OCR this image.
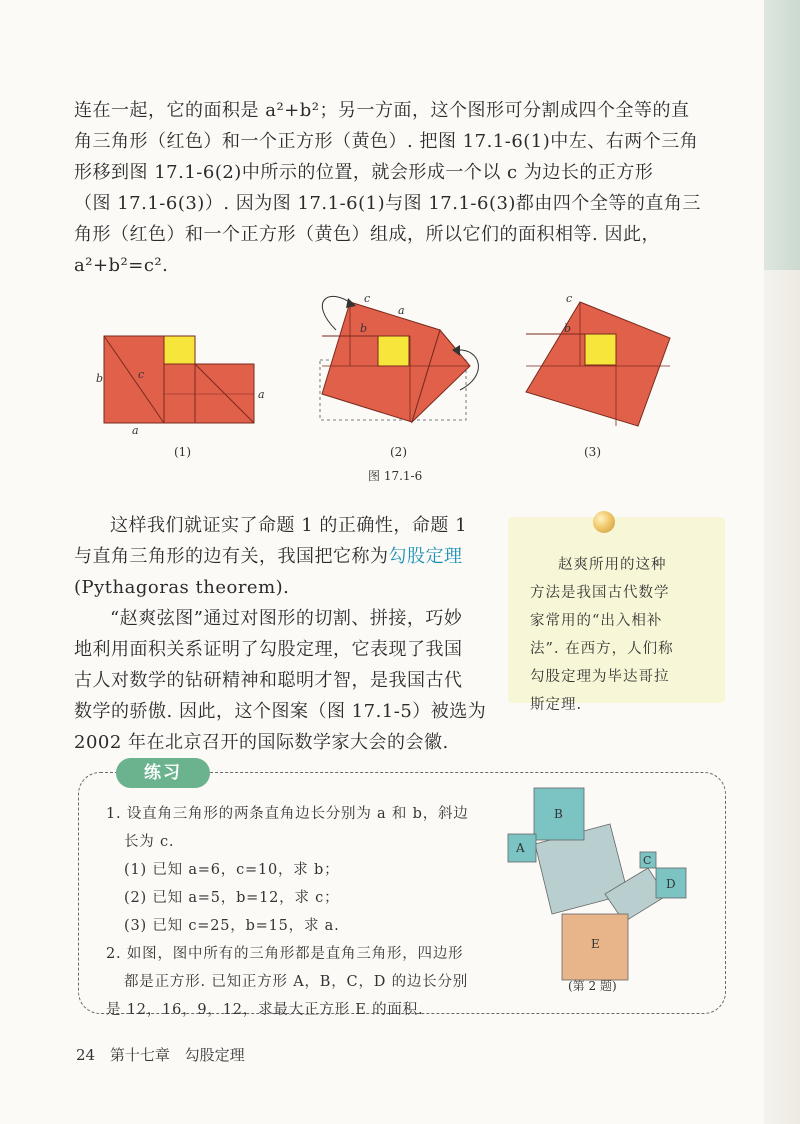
连在一起，它的面积是 a²+b²；另一方面，这个图形可分割成四个全等的直
角三角形（红色）和一个正方形（黄色）. 把图 17.1-6(1)中左、右两个三角
形移到图 17.1-6(2)中所示的位置，就会形成一个以 c 为边长的正方形
（图 17.1-6(3)）. 因为图 17.1-6(1)与图 17.1-6(3)都由四个全等的直角三
角形（红色）和一个正方形（黄色）组成，所以它们的面积相等. 因此，
a²+b²=c².
b	c
a
a
(1)
c
a
b
(2)
c
b
(3)
图 17.1-6
这样我们就证实了命题 1 的正确性，命题 1
与直角三角形的边有关，我国把它称为勾股定理
(Pythagoras theorem).
“赵爽弦图”通过对图形的切割、拼接，巧妙
地利用面积关系证明了勾股定理，它表现了我国
古人对数学的钻研精神和聪明才智，是我国古代
数学的骄傲. 因此，这个图案（图 17.1-5）被选为
2002 年在北京召开的国际数学家大会的会徽.
赵爽所用的这种
方法是我国古代数学
家常用的“出入相补
法”. 在西方，人们称
勾股定理为毕达哥拉
斯定理.
练习
1. 设直角三角形的两条直角边长分别为 a 和 b，斜边
长为 c.
(1) 已知 a=6，c=10，求 b；
(2) 已知 a=5，b=12，求 c；
(3) 已知 c=25，b=15，求 a.
2. 如图，图中所有的三角形都是直角三角形，四边形
都是正方形. 已知正方形 A，B，C，D 的边长分别
是 12，16，9，12，求最大正方形 E 的面积.
E
B
A
C
D
(第 2 题)
24 第十七章 勾股定理
